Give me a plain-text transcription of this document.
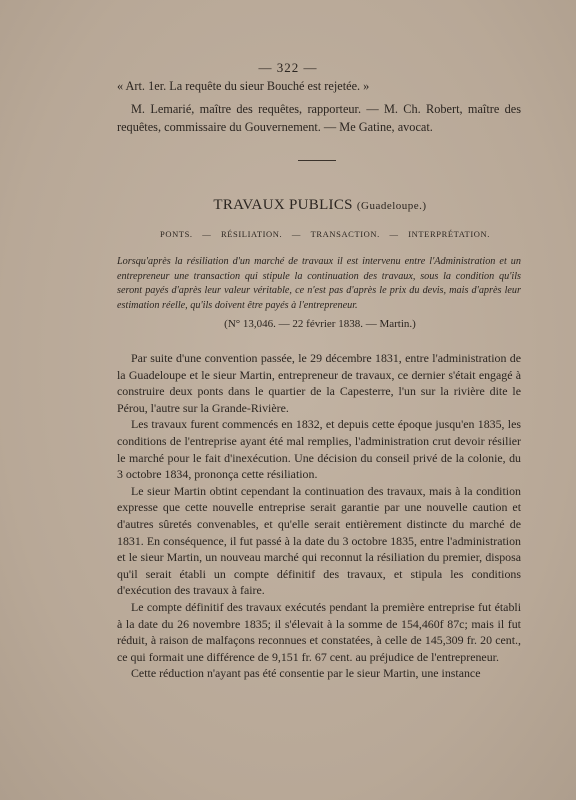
— 322 —
« Art. 1er. La requête du sieur Bouché est rejetée. »
M. Lemarié, maître des requêtes, rapporteur. — M. Ch. Robert, maître des requêtes, commissaire du Gouvernement. — Me Gatine, avocat.
TRAVAUX PUBLICS (Guadeloupe.)
PONTS. — RÉSILIATION. — TRANSACTION. — INTERPRÉTATION.
Lorsqu'après la résiliation d'un marché de travaux il est intervenu entre l'Administration et un entrepreneur une transaction qui stipule la continuation des travaux, sous la condition qu'ils seront payés d'après leur valeur véritable, ce n'est pas d'après le prix du devis, mais d'après leur estimation réelle, qu'ils doivent être payés à l'entrepreneur.
(N° 13,046. — 22 février 1838. — Martin.)

Par suite d'une convention passée, le 29 décembre 1831, entre l'administration de la Guadeloupe et le sieur Martin, entrepreneur de travaux, ce dernier s'était engagé à construire deux ponts dans le quartier de la Capesterre, l'un sur la rivière dite le Pérou, l'autre sur la Grande-Rivière.

Les travaux furent commencés en 1832, et depuis cette époque jusqu'en 1835, les conditions de l'entreprise ayant été mal remplies, l'administration crut devoir résilier le marché pour le fait d'inexécution. Une décision du conseil privé de la colonie, du 3 octobre 1834, prononça cette résiliation.

Le sieur Martin obtint cependant la continuation des travaux, mais à la condition expresse que cette nouvelle entreprise serait garantie par une nouvelle caution et d'autres sûretés convenables, et qu'elle serait entièrement distincte du marché de 1831. En conséquence, il fut passé à la date du 3 octobre 1835, entre l'administration et le sieur Martin, un nouveau marché qui reconnut la résiliation du premier, disposa qu'il serait établi un compte définitif des travaux, et stipula les conditions d'exécution des travaux à faire.

Le compte définitif des travaux exécutés pendant la première entreprise fut établi à la date du 26 novembre 1835; il s'élevait à la somme de 154,460f 87c; mais il fut réduit, à raison de malfaçons reconnues et constatées, à celle de 145,309 fr. 20 cent., ce qui formait une différence de 9,151 fr. 67 cent. au préjudice de l'entrepreneur.

Cette réduction n'ayant pas été consentie par le sieur Martin, une instance
